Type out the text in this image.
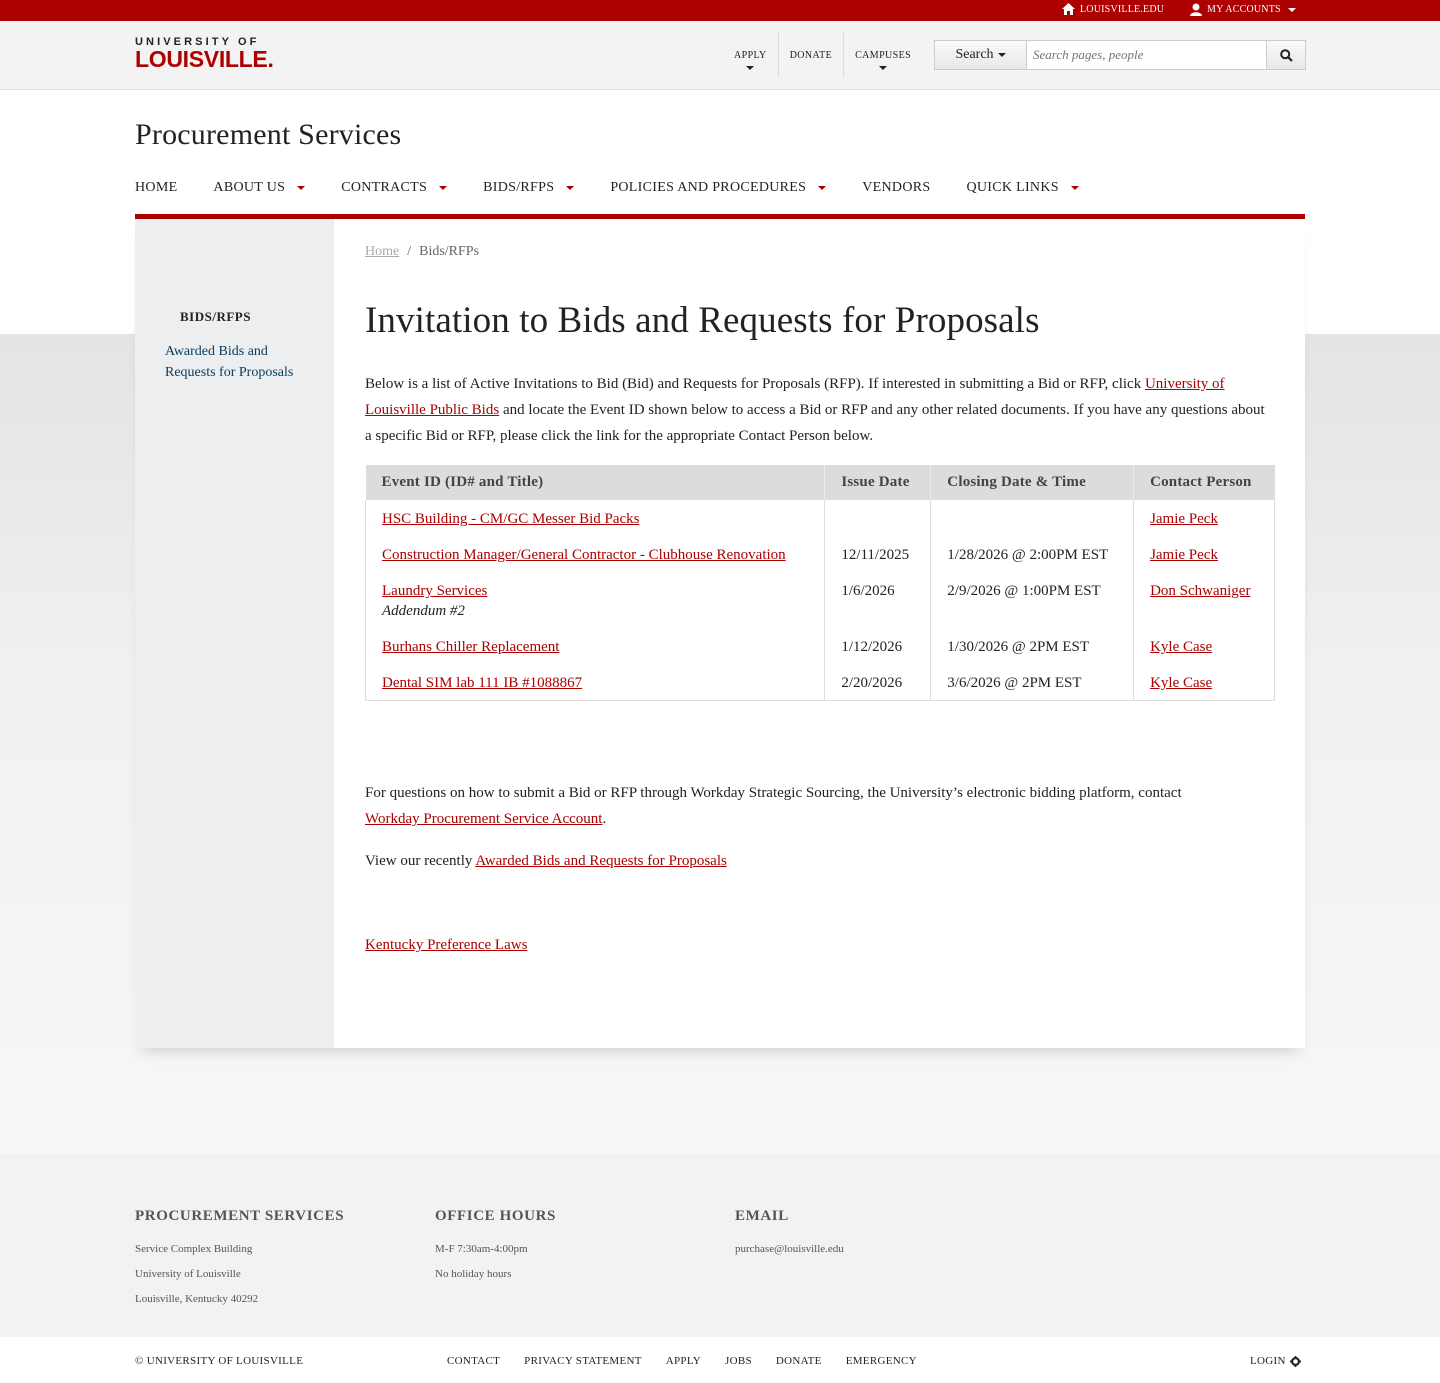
LOUISVILLE.EDU	MY ACCOUNTS
UNIVERSITY OF
LOUISVILLE.	APPLY DONATE CAMPUSES	Search
Search pages, people
Procurement Services
HOME	ABOUT US	CONTRACTS	BIDS/RFPS	POLICIES AND PROCEDURES	VENDORS	QUICK LINKS
BIDS/RFPS
Awarded Bids and Requests for Proposals
Home / Bids/RFPs
Invitation to Bids and Requests for Proposals

Below is a list of Active Invitations to Bid (Bid) and Requests for Proposals (RFP). If interested in submitting a Bid or RFP, click University of Louisville Public Bids and locate the Event ID shown below to access a Bid or RFP and any other related documents. If you have any questions about a specific Bid or RFP, please click the link for the appropriate Contact Person below.

Event ID (ID# and Title)	Issue Date	Closing Date & Time	Contact Person
HSC Building - CM/GC Messer Bid Packs			Jamie Peck
Construction Manager/General Contractor - Clubhouse Renovation	12/11/2025	1/28/2026 @ 2:00PM EST	Jamie Peck
Laundry Services
Addendum #2	1/6/2026	2/9/2026 @ 1:00PM EST	Don Schwaniger
Burhans Chiller Replacement	1/12/2026	1/30/2026 @ 2PM EST	Kyle Case
Dental SIM lab 111 IB #1088867	2/20/2026	3/6/2026 @ 2PM EST	Kyle Case

For questions on how to submit a Bid or RFP through Workday Strategic Sourcing, the University’s electronic bidding platform, contact Workday Procurement Service Account.

View our recently Awarded Bids and Requests for Proposals

Kentucky Preference Laws

PROCUREMENT SERVICES
Service Complex Building
University of Louisville
Louisville, Kentucky 40292
OFFICE HOURS
M-F 7:30am-4:00pm
No holiday hours
EMAIL
purchase@louisville.edu
© UNIVERSITY OF LOUISVILLE	CONTACT PRIVACY STATEMENT APPLY JOBS DONATE EMERGENCY	LOGIN
